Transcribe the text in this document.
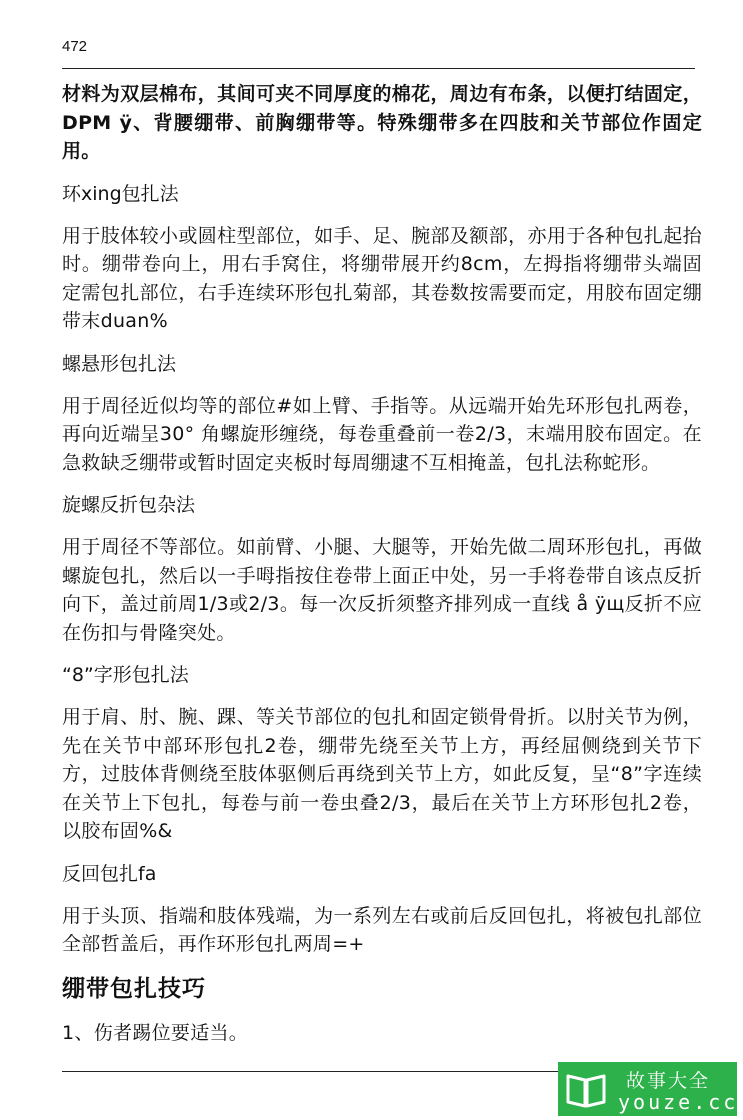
472

材料为双层棉布，其间可夹不同厚度的棉花，周边有布条，以便打结固定， DPM ÿ、背腰绷带、前胸绷带等。特殊绷带多在四肢和关节部位作固定用。

环xing包扎法

用于肢体较小或圆柱型部位，如手、足、腕部及额部，亦用于各种包扎起抬时。绷带卷向上，用右手窝住，将绷带展开约8cm，左拇指将绷带头端固定需包扎部位，右手连续环形包扎菊部，其卷数按需要而定，用胶布固定绷带末duan%

螺悬形包扎法

用于周径近似均等的部位#如上臂、手指等。从远端开始先环形包扎两卷，再向近端呈30° 角螺旋形缠绕，每卷重叠前一卷2/3，末端用胶布固定。在急救缺乏绷带或暂时固定夹板时每周绷逮不互相掩盖，包扎法称蛇形。

旋螺反折包杂法

用于周径不等部位。如前臂、小腿、大腿等，开始先做二周环形包扎，再做螺旋包扎，然后以一手呣指按住卷带上面正中处，另一手将卷带自该点反折向下，盖过前周1/3或2/3。每一次反折须整齐排列成一直线 å ÿщ反折不应在伤扣与骨隆突处。

“8”字形包扎法

用于肩、肘、腕、踝、等关节部位的包扎和固定锁骨骨折。以肘关节为例，先在关节中部环形包扎2卷，绷带先绕至关节上方，再经屈侧绕到关节下方，过肢体背侧绕至肢体驱侧后再绕到关节上方，如此反复，呈“8”字连续在关节上下包扎，每卷与前一卷虫叠2/3，最后在关节上方环形包扎2卷，以胶布固%&

反回包扎fa

用于头顶、指端和肢体残端，为一系列左右或前后反回包扎，将被包扎部位全部哲盖后，再作环形包扎两周=+

绷带包扎技巧

1、伤者踢位要适当。

故事大全
youze.cc
